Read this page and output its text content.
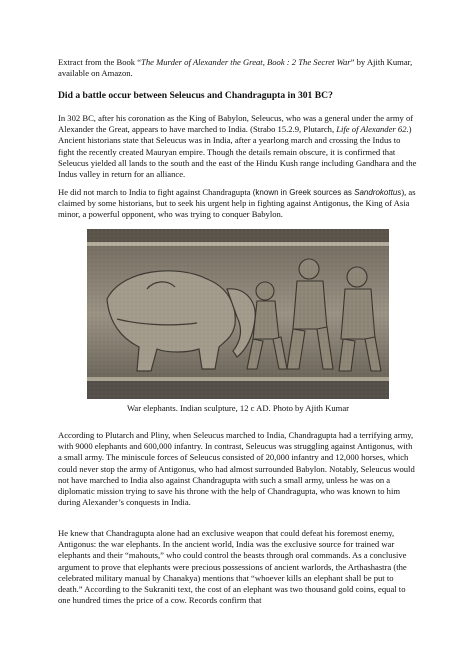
Extract from the Book “The Murder of Alexander the Great, Book : 2 The Secret War” by Ajith Kumar, available on Amazon.

Did a battle occur between Seleucus and Chandragupta in 301 BC?

In 302 BC, after his coronation as the King of Babylon, Seleucus, who was a general under the army of Alexander the Great, appears to have marched to India. (Strabo 15.2.9, Plutarch, Life of Alexander 62.) Ancient historians state that Seleucus was in India, after a yearlong march and crossing the Indus to fight the recently created Mauryan empire. Though the details remain obscure, it is confirmed that Seleucus yielded all lands to the south and the east of the Hindu Kush range including Gandhara and the Indus valley in return for an alliance.

He did not march to India to fight against Chandragupta (known in Greek sources as Sandrokottus), as claimed by some historians, but to seek his urgent help in fighting against Antigonus, the King of Asia minor, a powerful opponent, who was trying to conquer Babylon.

War elephants. Indian sculpture, 12 c AD. Photo by Ajith Kumar

According to Plutarch and Pliny, when Seleucus marched to India, Chandragupta had a terrifying army, with 9000 elephants and 600,000 infantry. In contrast, Seleucus was struggling against Antigonus, with a small army. The miniscule forces of Seleucus consisted of 20,000 infantry and 12,000 horses, which could never stop the army of Antigonus, who had almost surrounded Babylon. Notably, Seleucus would not have marched to India also against Chandragupta with such a small army, unless he was on a diplomatic mission trying to save his throne with the help of Chandragupta, who was known to him during Alexander’s conquests in India.

He knew that Chandragupta alone had an exclusive weapon that could defeat his foremost enemy, Antigonus: the war elephants. In the ancient world, India was the exclusive source for trained war elephants and their “mahouts,” who could control the beasts through oral commands. As a conclusive argument to prove that elephants were precious possessions of ancient warlords, the Arthashastra (the celebrated military manual by Chanakya) mentions that “whoever kills an elephant shall be put to death.” According to the Sukraniti text, the cost of an elephant was two thousand gold coins, equal to one hundred times the price of a cow. Records confirm that
